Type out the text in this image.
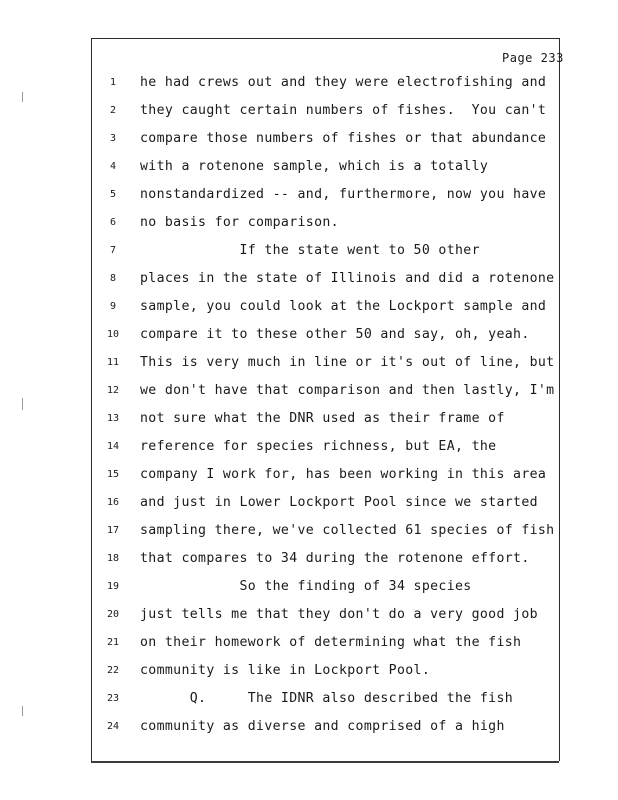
Page 233
1
2
3
4
5
6
7
8
9
10
11
12
13
14
15
16
17
18
19
20
21
22
23
24
he had crews out and they were electrofishing and
they caught certain numbers of fishes.  You can't
compare those numbers of fishes or that abundance
with a rotenone sample, which is a totally
nonstandardized -- and, furthermore, now you have
no basis for comparison.
If the state went to 50 other
places in the state of Illinois and did a rotenone
sample, you could look at the Lockport sample and
compare it to these other 50 and say, oh, yeah.
This is very much in line or it's out of line, but
we don't have that comparison and then lastly, I'm
not sure what the DNR used as their frame of
reference for species richness, but EA, the
company I work for, has been working in this area
and just in Lower Lockport Pool since we started
sampling there, we've collected 61 species of fish
that compares to 34 during the rotenone effort.
So the finding of 34 species
just tells me that they don't do a very good job
on their homework of determining what the fish
community is like in Lockport Pool.
Q.     The IDNR also described the fish
community as diverse and comprised of a high
